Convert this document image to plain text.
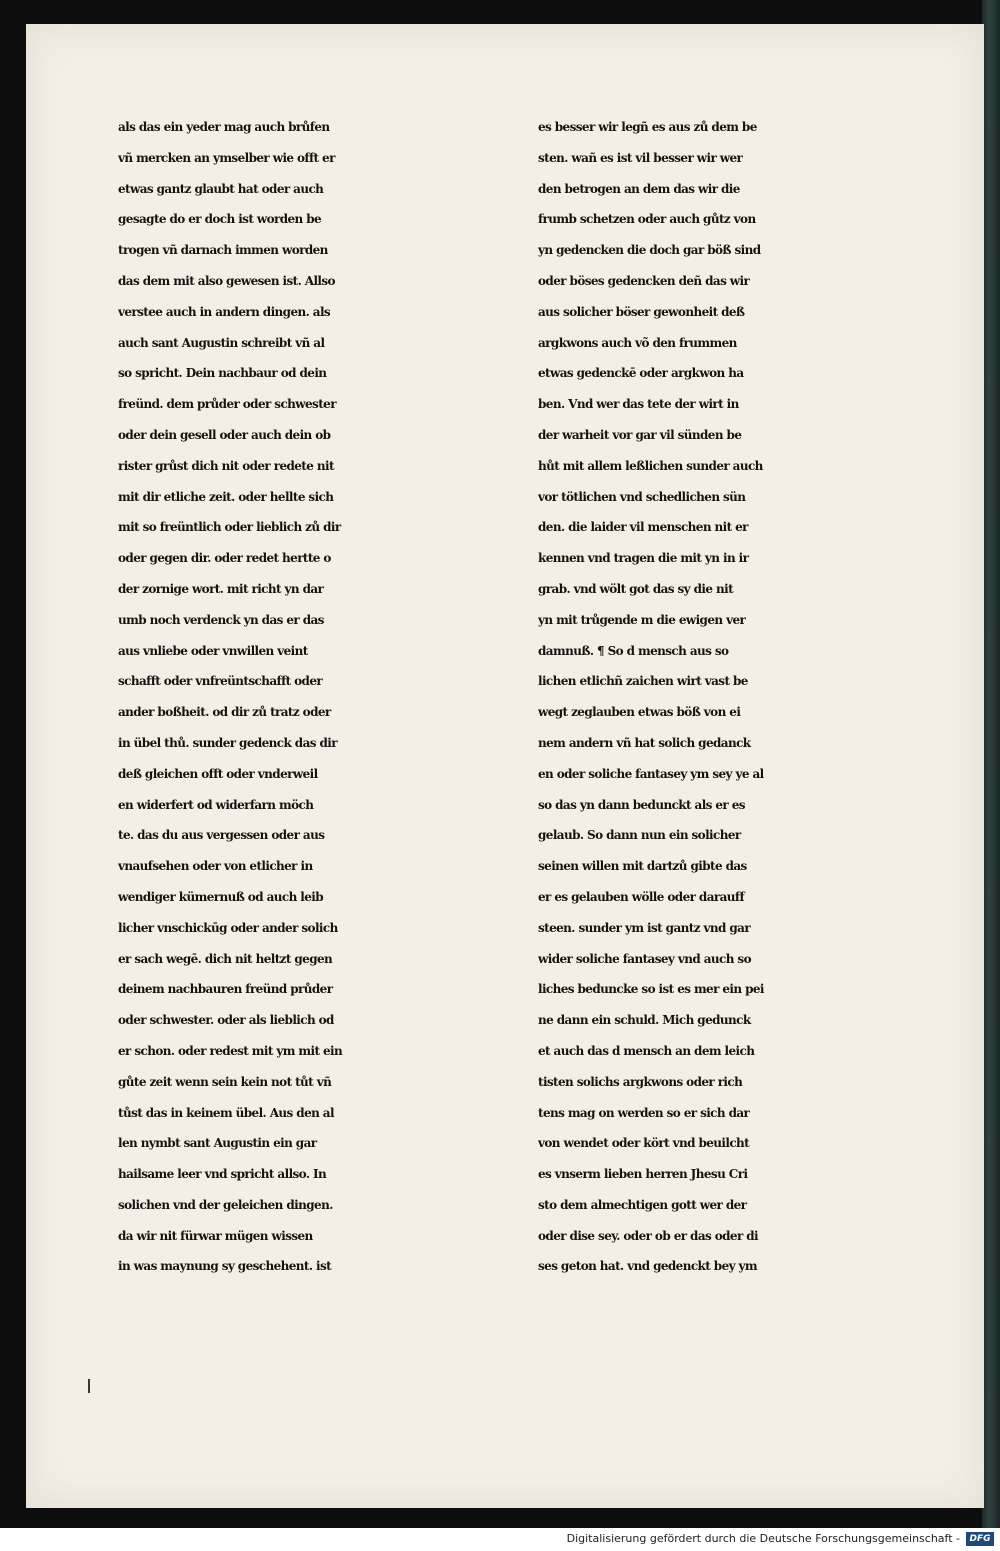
als das ein yeder mag auch brůfen
vñ mercken an ymselber wie offt er
etwas gantz glaubt hat oder auch
gesagte do er doch ist worden be
trogen vñ darnach immen worden
das dem mit also gewesen ist. Allso
verstee auch in andern dingen. als
auch sant Augustin schreibt vñ al
so spricht. Dein nachbaur od dein
freünd. dem průder oder schwester
oder dein gesell oder auch dein ob
rister grůst dich nit oder redete nit
mit dir etliche zeit. oder hellte sich
mit so freüntlich oder lieblich zů dir
oder gegen dir. oder redet hertte o
der zornige wort. mit richt yn dar
umb noch verdenck yn das er das
aus vnliebe oder vnwillen veint
schafft oder vnfreüntschafft oder
ander boßheit. od dir zů tratz oder
in übel thů. sunder gedenck das dir
deß gleichen offt oder vnderweil
en widerfert od widerfarn möch
te. das du aus vergessen oder aus
vnaufsehen oder von etlicher in
wendiger kümernuß od auch leib
licher vnschickūg oder ander solich
er sach wegē. dich nit heltzt gegen
deinem nachbauren freünd průder
oder schwester. oder als lieblich od
er schon. oder redest mit ym mit ein
gůte zeit wenn sein kein not tůt vñ
tůst das in keinem übel. Aus den al
len nymbt sant Augustin ein gar
hailsame leer vnd spricht allso. In
solichen vnd der geleichen dingen.
da wir nit fürwar mügen wissen
in was maynung sy geschehent. ist
es besser wir legñ es aus zů dem be
sten. wañ es ist vil besser wir wer
den betrogen an dem das wir die
frumb schetzen oder auch gůtz von
yn gedencken die doch gar böß sind
oder böses gedencken deñ das wir
aus solicher böser gewonheit deß
argkwons auch võ den frummen
etwas gedenckē oder argkwon ha
ben. Vnd wer das tete der wirt in
der warheit vor gar vil sünden be
hůt mit allem leßlichen sunder auch
vor tötlichen vnd schedlichen sün
den. die laider vil menschen nit er
kennen vnd tragen die mit yn in ir
grab. vnd wölt got das sy die nit
yn mit trůgende m die ewigen ver
damnuß. ¶ So d mensch aus so
lichen etlichñ zaichen wirt vast be
wegt zeglauben etwas böß von ei
nem andern vñ hat solich gedanck
en oder soliche fantasey ym sey ye al
so das yn dann bedunckt als er es
gelaub. So dann nun ein solicher
seinen willen mit dartzů gibte das
er es gelauben wölle oder darauff
steen. sunder ym ist gantz vnd gar
wider soliche fantasey vnd auch so
liches beduncke so ist es mer ein pei
ne dann ein schuld. Mich gedunck
et auch das d mensch an dem leich
tisten solichs argkwons oder rich
tens mag on werden so er sich dar
von wendet oder kört vnd beuilcht
es vnserm lieben herren Jhesu Cri
sto dem almechtigen gott wer der
oder dise sey. oder ob er das oder di
ses geton hat. vnd gedenckt bey ym
Digitalisierung gefördert durch die Deutsche Forschungsgemeinschaft -	DFG
